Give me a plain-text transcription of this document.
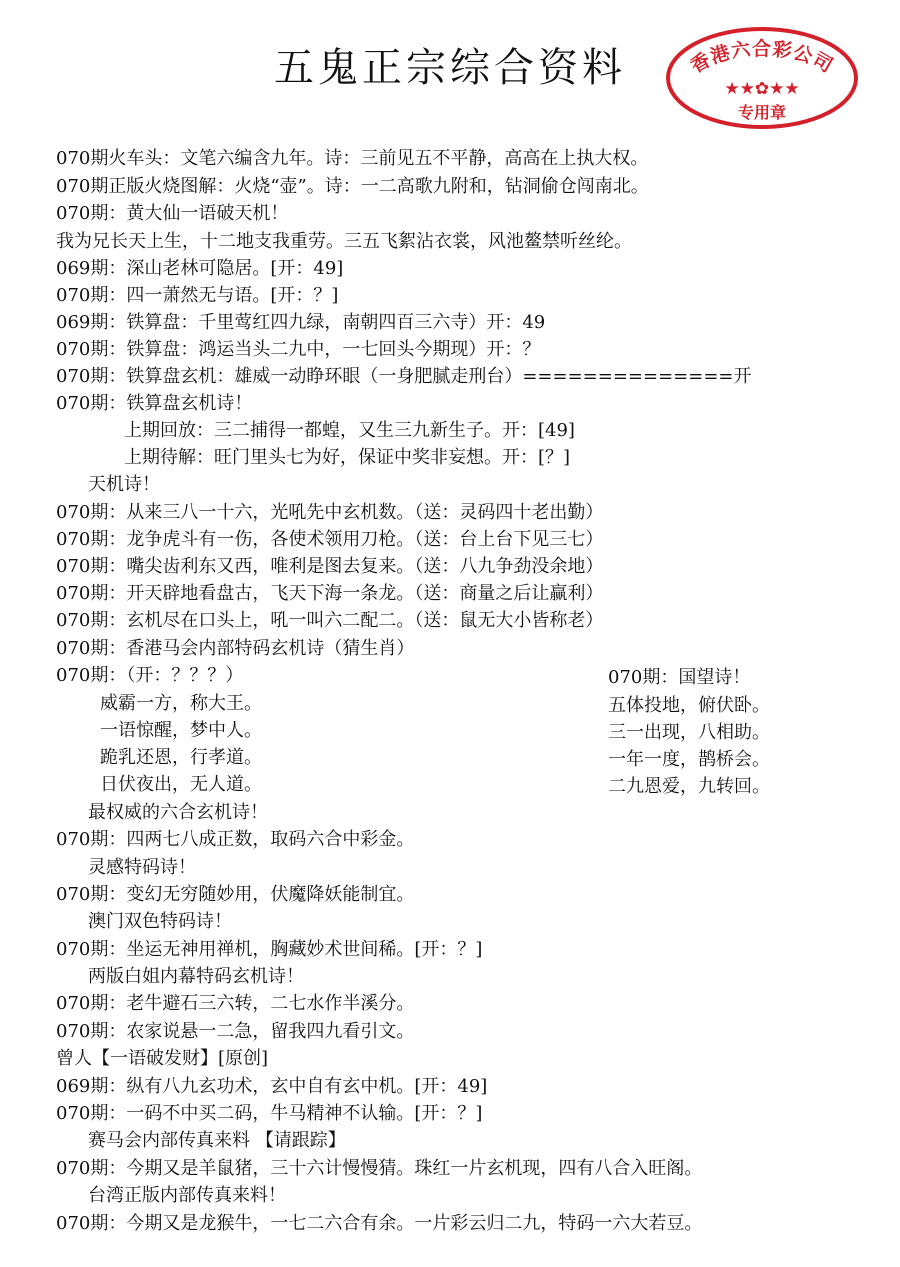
五鬼正宗综合资料	香港六合彩公司
★★✿★★
专用章
070期火车头：文笔六编含九年。诗：三前见五不平静，高高在上执大权。
070期正版火烧图解：火烧“壶”。诗：一二高歌九附和，钻洞偷仓闯南北。
070期：黄大仙一语破天机！
我为兄长天上生，十二地支我重劳。三五飞絮沾衣裳，风池鳌禁听丝纶。
069期：深山老林可隐居。[开：49]
070期：四一萧然无与语。[开：？]
069期：铁算盘：千里莺红四九绿，南朝四百三六寺）开：49
070期：铁算盘：鸿运当头二九中，一七回头今期现）开：？
070期：铁算盘玄机：雄威一动睁环眼（一身肥腻走刑台）==============开
070期：铁算盘玄机诗！
上期回放：三二捕得一都蝗，又生三九新生子。开：[49]
上期待解：旺门里头七为好，保证中奖非妄想。开：[？]
天机诗！
070期：从来三八一十六，光吼先中玄机数。（送：灵码四十老出勤）
070期：龙争虎斗有一伤，各使术领用刀枪。（送：台上台下见三七）
070期：嘴尖齿利东又西，唯利是图去复来。（送：八九争劲没余地）
070期：开天辟地看盘古，飞天下海一条龙。（送：商量之后让赢利）
070期：玄机尽在口头上，吼一叫六二配二。（送：鼠无大小皆称老）
070期：香港马会内部特码玄机诗（猜生肖）
070期：（开：？？？）
威霸一方，称大王。
一语惊醒，梦中人。
跪乳还恩，行孝道。
日伏夜出，无人道。
最权威的六合玄机诗！
070期：四两七八成正数，取码六合中彩金。
灵感特码诗！
070期：变幻无穷随妙用，伏魔降妖能制宜。
澳门双色特码诗！
070期：坐运无神用禅机，胸藏妙术世间稀。[开：？]
两版白姐内幕特码玄机诗！
070期：老牛避石三六转，二七水作半溪分。
070期：农家说悬一二急，留我四九看引文。
曾人【一语破发财】[原创]
069期：纵有八九玄功术，玄中自有玄中机。[开：49]
070期：一码不中买二码，牛马精神不认输。[开：？]
赛马会内部传真来料 【请跟踪】
070期：今期又是羊鼠猪，三十六计慢慢猜。珠红一片玄机现，四有八合入旺阁。
台湾正版内部传真来料！
070期：今期又是龙猴牛，一七二六合有余。一片彩云归二九，特码一六大若豆。
070期：国望诗！
五体投地，俯伏卧。
三一出现，八相助。
一年一度，鹊桥会。
二九恩爱，九转回。
